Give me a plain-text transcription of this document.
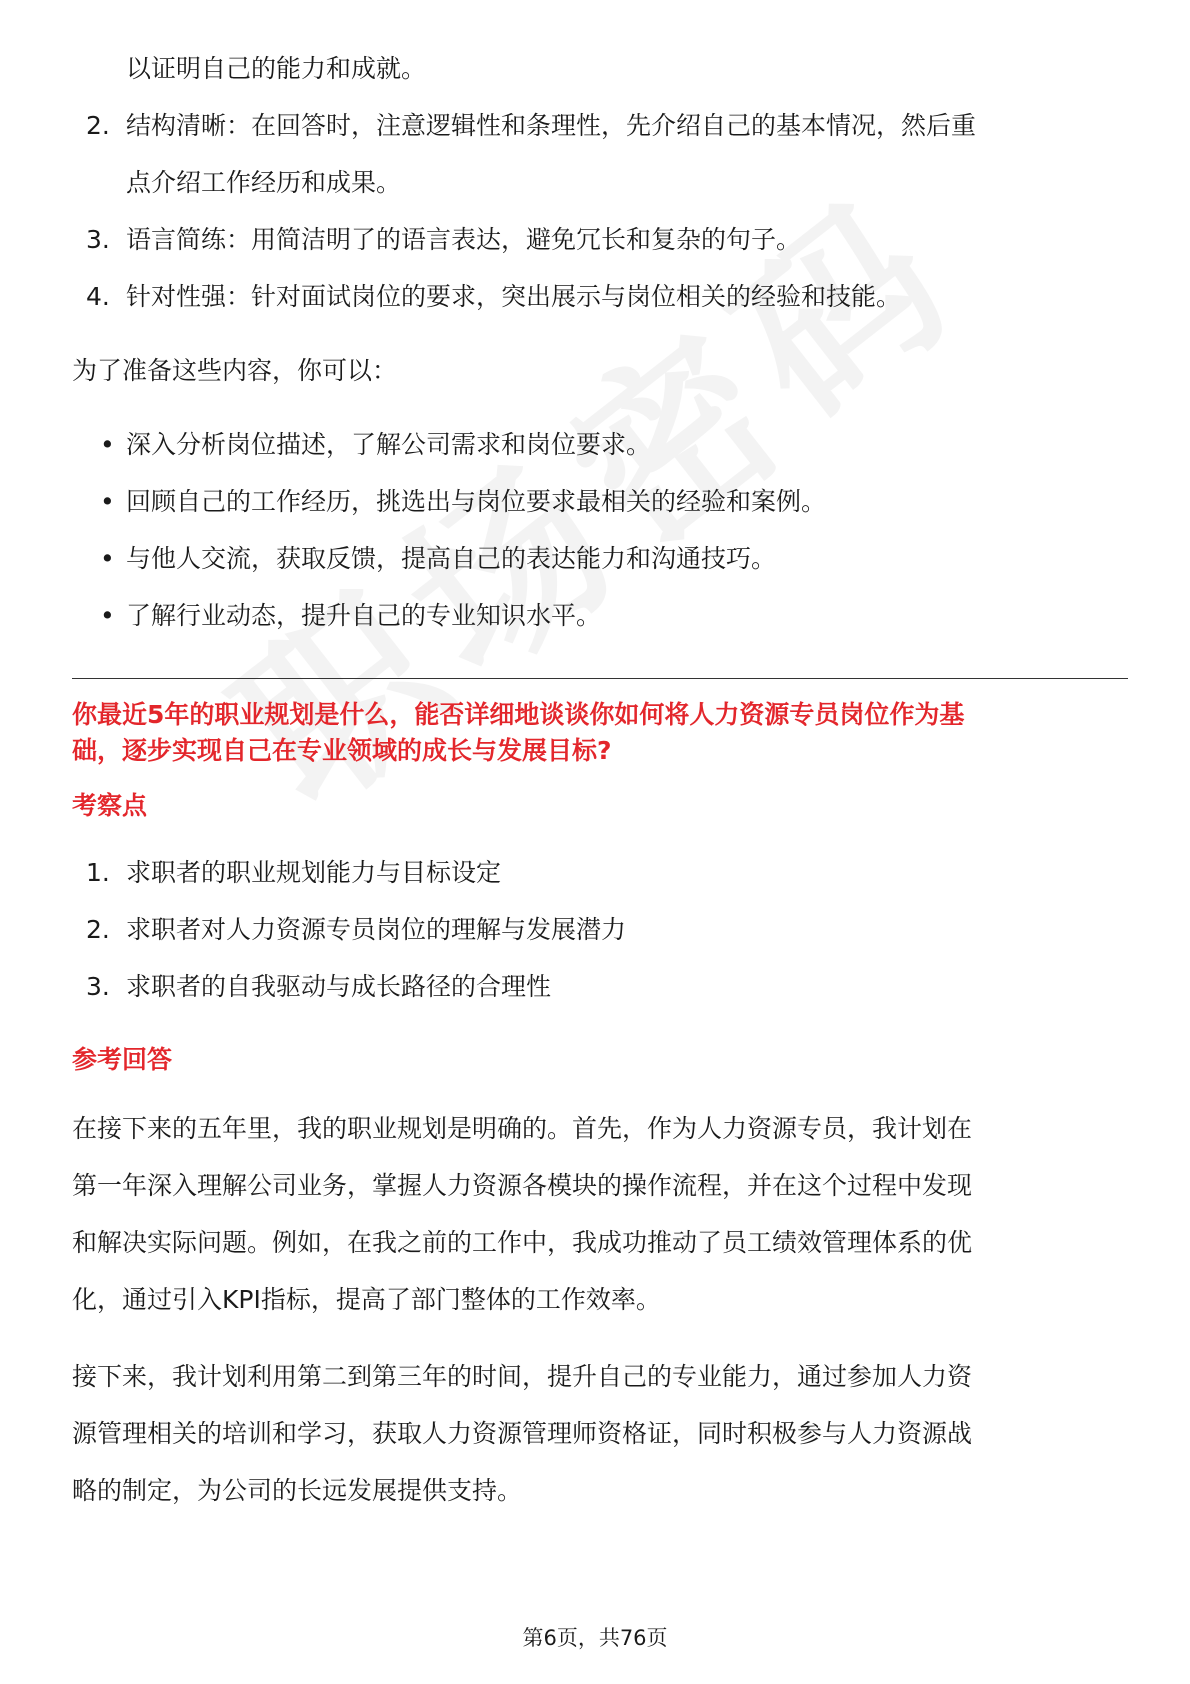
以证明自己的能力和成就。
2. 结构清晰：在回答时，注意逻辑性和条理性，先介绍自己的基本情况，然后重
点介绍工作经历和成果。
3. 语言简练：用简洁明了的语言表达，避免冗长和复杂的句子。
4. 针对性强：针对面试岗位的要求，突出展示与岗位相关的经验和技能。
为了准备这些内容，你可以：
• 深入分析岗位描述，了解公司需求和岗位要求。
• 回顾自己的工作经历，挑选出与岗位要求最相关的经验和案例。
• 与他人交流，获取反馈，提高自己的表达能力和沟通技巧。
• 了解行业动态，提升自己的专业知识水平。
你最近5年的职业规划是什么，能否详细地谈谈你如何将人力资源专员岗位作为基
础，逐步实现自己在专业领域的成长与发展目标?
考察点
1. 求职者的职业规划能力与目标设定
2. 求职者对人力资源专员岗位的理解与发展潜力
3. 求职者的自我驱动与成长路径的合理性
参考回答
在接下来的五年里，我的职业规划是明确的。首先，作为人力资源专员，我计划在
第一年深入理解公司业务，掌握人力资源各模块的操作流程，并在这个过程中发现
和解决实际问题。例如，在我之前的工作中，我成功推动了员工绩效管理体系的优
化，通过引入KPI指标，提高了部门整体的工作效率。
接下来，我计划利用第二到第三年的时间，提升自己的专业能力，通过参加人力资
源管理相关的培训和学习，获取人力资源管理师资格证，同时积极参与人力资源战
略的制定，为公司的长远发展提供支持。
第6页，共76页
